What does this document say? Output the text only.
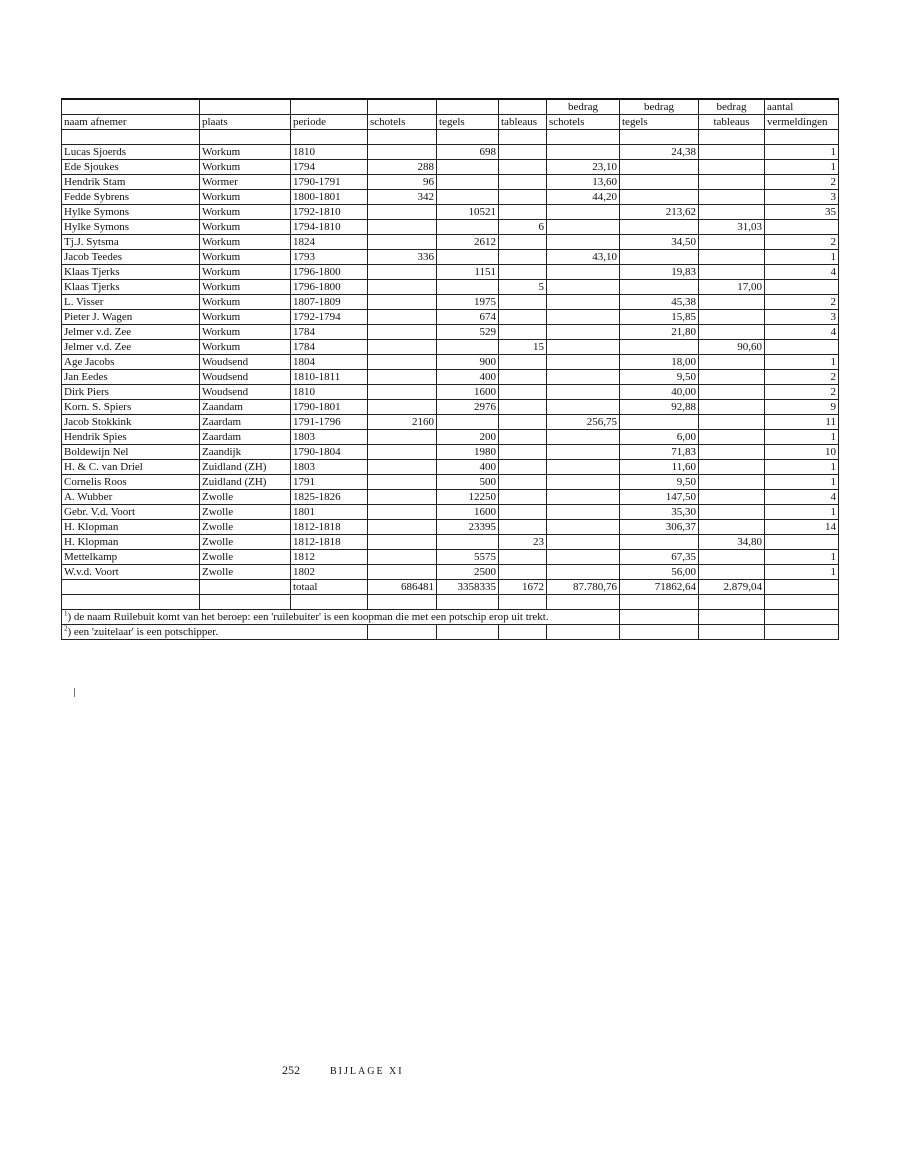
						bedrag	bedrag	bedrag	aantal
naam afnemer	plaats	periode	schotels	tegels	tableaus	schotels	tegels	tableaus	vermeldingen

Lucas Sjoerds	Workum	1810		698			24,38		1
Ede Sjoukes	Workum	1794	288			23,10			1
Hendrik Stam	Wormer	1790-1791	96			13,60			2
Fedde Sybrens	Workum	1800-1801	342			44,20			3
Hylke Symons	Workum	1792-1810		10521			213,62		35
Hylke Symons	Workum	1794-1810			6			31,03	
Tj.J. Sytsma	Workum	1824		2612			34,50		2
Jacob Teedes	Workum	1793	336			43,10			1
Klaas Tjerks	Workum	1796-1800		1151			19,83		4
Klaas Tjerks	Workum	1796-1800			5			17,00	
L. Visser	Workum	1807-1809		1975			45,38		2
Pieter J. Wagen	Workum	1792-1794		674			15,85		3
Jelmer v.d. Zee	Workum	1784		529			21,80		4
Jelmer v.d. Zee	Workum	1784			15			90,60	
Age Jacobs	Woudsend	1804		900			18,00		1
Jan Eedes	Woudsend	1810-1811		400			9,50		2
Dirk Piers	Woudsend	1810		1600			40,00		2
Korn. S. Spiers	Zaandam	1790-1801		2976			92,88		9
Jacob Stokkink	Zaardam	1791-1796	2160			256,75			11
Hendrik Spies	Zaardam	1803		200			6,00		1
Boldewijn Nel	Zaandijk	1790-1804		1980			71,83		10
H. & C. van Driel	Zuidland (ZH)	1803		400			11,60		1
Cornelis Roos	Zuidland (ZH)	1791		500			9,50		1
A. Wubber	Zwolle	1825-1826		12250			147,50		4
Gebr. V.d. Voort	Zwolle	1801		1600			35,30		1
H. Klopman	Zwolle	1812-1818		23395			306,37		14
H. Klopman	Zwolle	1812-1818			23			34,80	
Mettelkamp	Zwolle	1812		5575			67,35		1
W.v.d. Voort	Zwolle	1802		2500			56,00		1
		totaal	686481	3358335	1672	87.780,76	71862,64	2.879,04	

$^1$) de naam Ruilebuit komt van het beroep: een 'ruilebuiter' is een koopman die met een potschip erop uit trekt.									
$^2$) een 'zuitelaar' is een potschipper.									
252	BIJLAGE XI
